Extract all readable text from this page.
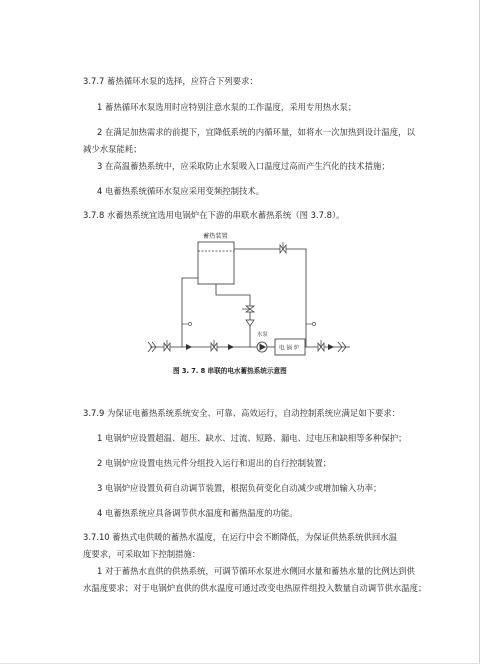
3.7.7 蓄热循环水泵的选择，应符合下列要求：
1 蓄热循环水泵选用时应特别注意水泵的工作温度，采用专用热水泵；
2 在满足加热需求的前提下，宜降低系统的内循环量，如将水一次加热到设计温度，以
减少水泵能耗；
3 在高温蓄热系统中，应采取防止水泵吸入口温度过高而产生汽化的技术措施；
4 电蓄热系统循环水泵应采用变频控制技术。
3.7.8 水蓄热系统宜选用电锅炉在下游的串联水蓄热系统（图 3.7.8）。
蓄热装置
水泵
电 锅 炉
图 3. 7. 8 串联的电水蓄热系统示意图
3.7.9 为保证电蓄热系统系统安全、可靠、高效运行，自动控制系统应满足如下要求：
1 电锅炉应设置超温、超压、缺水、过流、短路、漏电、过电压和缺相等多种保护；
2 电锅炉应设置电热元件分组投入运行和退出的自行控制装置；
3 电锅炉应设置负荷自动调节装置，根据负荷变化自动减少或增加输入功率；
4 电蓄热系统应具备调节供水温度和蓄热温度的功能。
3.7.10 蓄热式电供暖的蓄热水温度，在运行中会不断降低，为保证供热系统供回水温
度要求，可采取如下控制措施：
1 对于蓄热水直供的供热系统，可调节循环水泵进水侧回水量和蓄热水量的比例达到供
水温度要求；对于电锅炉直供的供水温度可通过改变电热原件组投入数量自动调节供水温度；
